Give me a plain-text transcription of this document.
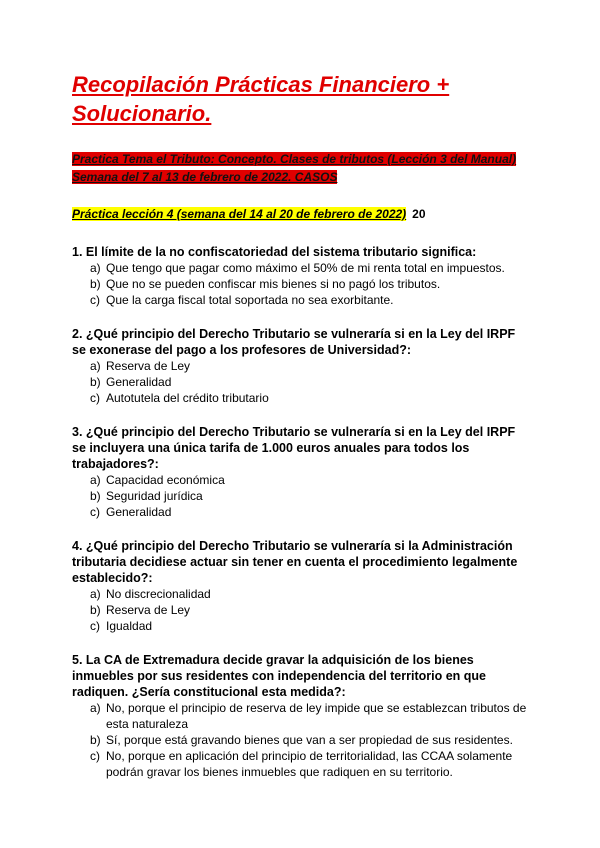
Recopilación Prácticas Financiero + Solucionario.
Practica Tema el Tributo: Concepto. Clases de tributos (Lección 3 del Manual) Semana del 7 al 13 de febrero de 2022. CASOS
Práctica lección 4 (semana del 14 al 20 de febrero de 2022) 20

1. El límite de la no confiscatoriedad del sistema tributario significa:

a) Que tengo que pagar como máximo el 50% de mi renta total en impuestos.
b) Que no se pueden confiscar mis bienes si no pagó los tributos.
c) Que la carga fiscal total soportada no sea exorbitante.

2. ¿Qué principio del Derecho Tributario se vulneraría si en la Ley del IRPF se exonerase del pago a los profesores de Universidad?:

a) Reserva de Ley
b) Generalidad
c) Autotutela del crédito tributario

3. ¿Qué principio del Derecho Tributario se vulneraría si en la Ley del IRPF se incluyera una única tarifa de 1.000 euros anuales para todos los trabajadores?:

a) Capacidad económica
b) Seguridad jurídica
c) Generalidad

4. ¿Qué principio del Derecho Tributario se vulneraría si la Administración tributaria decidiese actuar sin tener en cuenta el procedimiento legalmente establecido?:

a) No discrecionalidad
b) Reserva de Ley
c) Igualdad

5. La CA de Extremadura decide gravar la adquisición de los bienes inmuebles por sus residentes con independencia del territorio en que radiquen. ¿Sería constitucional esta medida?:

a) No, porque el principio de reserva de ley impide que se establezcan tributos de esta naturaleza
b) Sí, porque está gravando bienes que van a ser propiedad de sus residentes.
c) No, porque en aplicación del principio de territorialidad, las CCAA solamente podrán gravar los bienes inmuebles que radiquen en su territorio.
